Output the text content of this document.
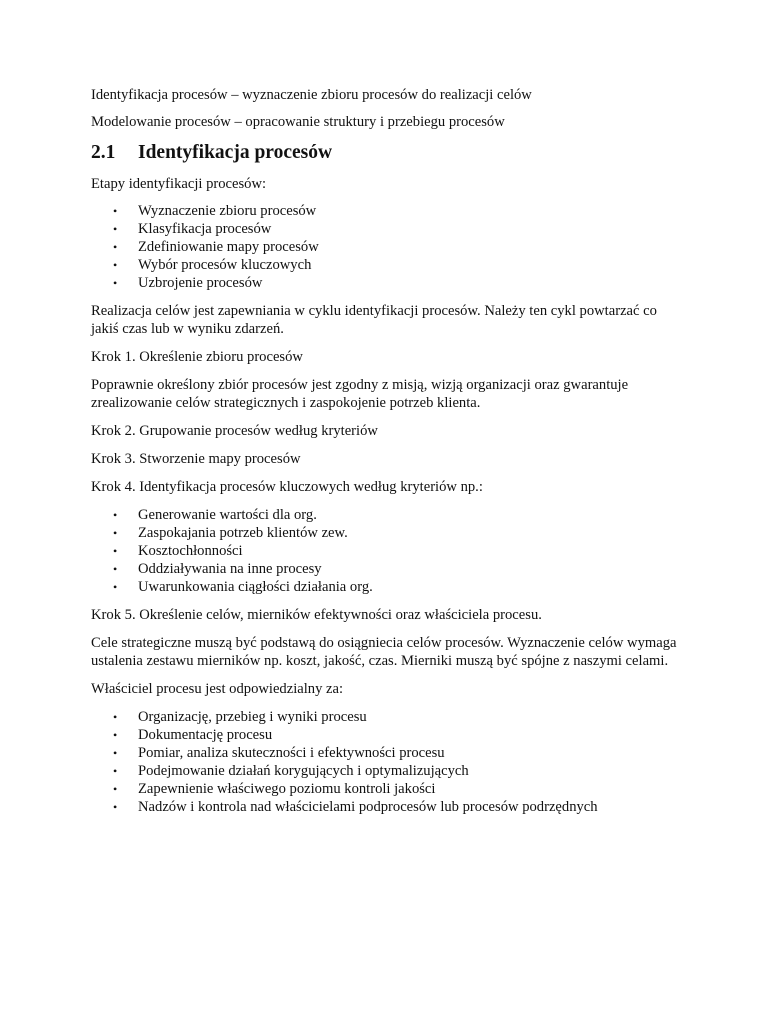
Identyfikacja procesów – wyznaczenie zbioru procesów do realizacji celów

Modelowanie procesów – opracowanie struktury i przebiegu procesów

2.1 Identyfikacja procesów

Etapy identyfikacji procesów:

• Wyznaczenie zbioru procesów
• Klasyfikacja procesów
• Zdefiniowanie mapy procesów
• Wybór procesów kluczowych
• Uzbrojenie procesów

Realizacja celów jest zapewniania w cyklu identyfikacji procesów. Należy ten cykl powtarzać co jakiś czas lub w wyniku zdarzeń.

Krok 1. Określenie zbioru procesów

Poprawnie określony zbiór procesów jest zgodny z misją, wizją organizacji oraz gwarantuje zrealizowanie celów strategicznych i zaspokojenie potrzeb klienta.

Krok 2. Grupowanie procesów według kryteriów

Krok 3. Stworzenie mapy procesów

Krok 4. Identyfikacja procesów kluczowych według kryteriów np.:

• Generowanie wartości dla org.
• Zaspokajania potrzeb klientów zew.
• Kosztochłonności
• Oddziaływania na inne procesy
• Uwarunkowania ciągłości działania org.

Krok 5. Określenie celów, mierników efektywności oraz właściciela procesu.

Cele strategiczne muszą być podstawą do osiągniecia celów procesów. Wyznaczenie celów wymaga ustalenia zestawu mierników np. koszt, jakość, czas. Mierniki muszą być spójne z naszymi celami.

Właściciel procesu jest odpowiedzialny za:

• Organizację, przebieg i wyniki procesu
• Dokumentację procesu
• Pomiar, analiza skuteczności i efektywności procesu
• Podejmowanie działań korygujących i optymalizujących
• Zapewnienie właściwego poziomu kontroli jakości
• Nadzów i kontrola nad właścicielami podprocesów lub procesów podrzędnych
